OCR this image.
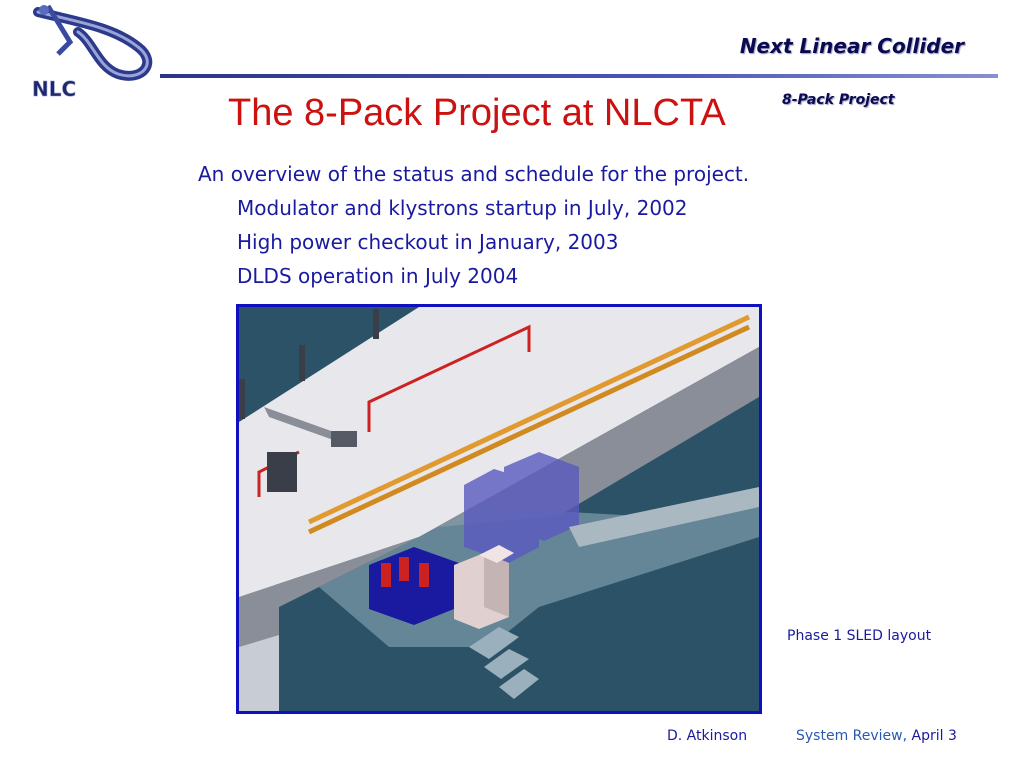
NLC
Next Linear Collider
8-Pack Project
The 8-Pack Project at NLCTA
An overview of the status and schedule for the project.
Modulator and klystrons startup in July, 2002
High power checkout in January, 2003
DLDS operation in July 2004
Phase 1 SLED layout
D. Atkinson	System Review, April 3
